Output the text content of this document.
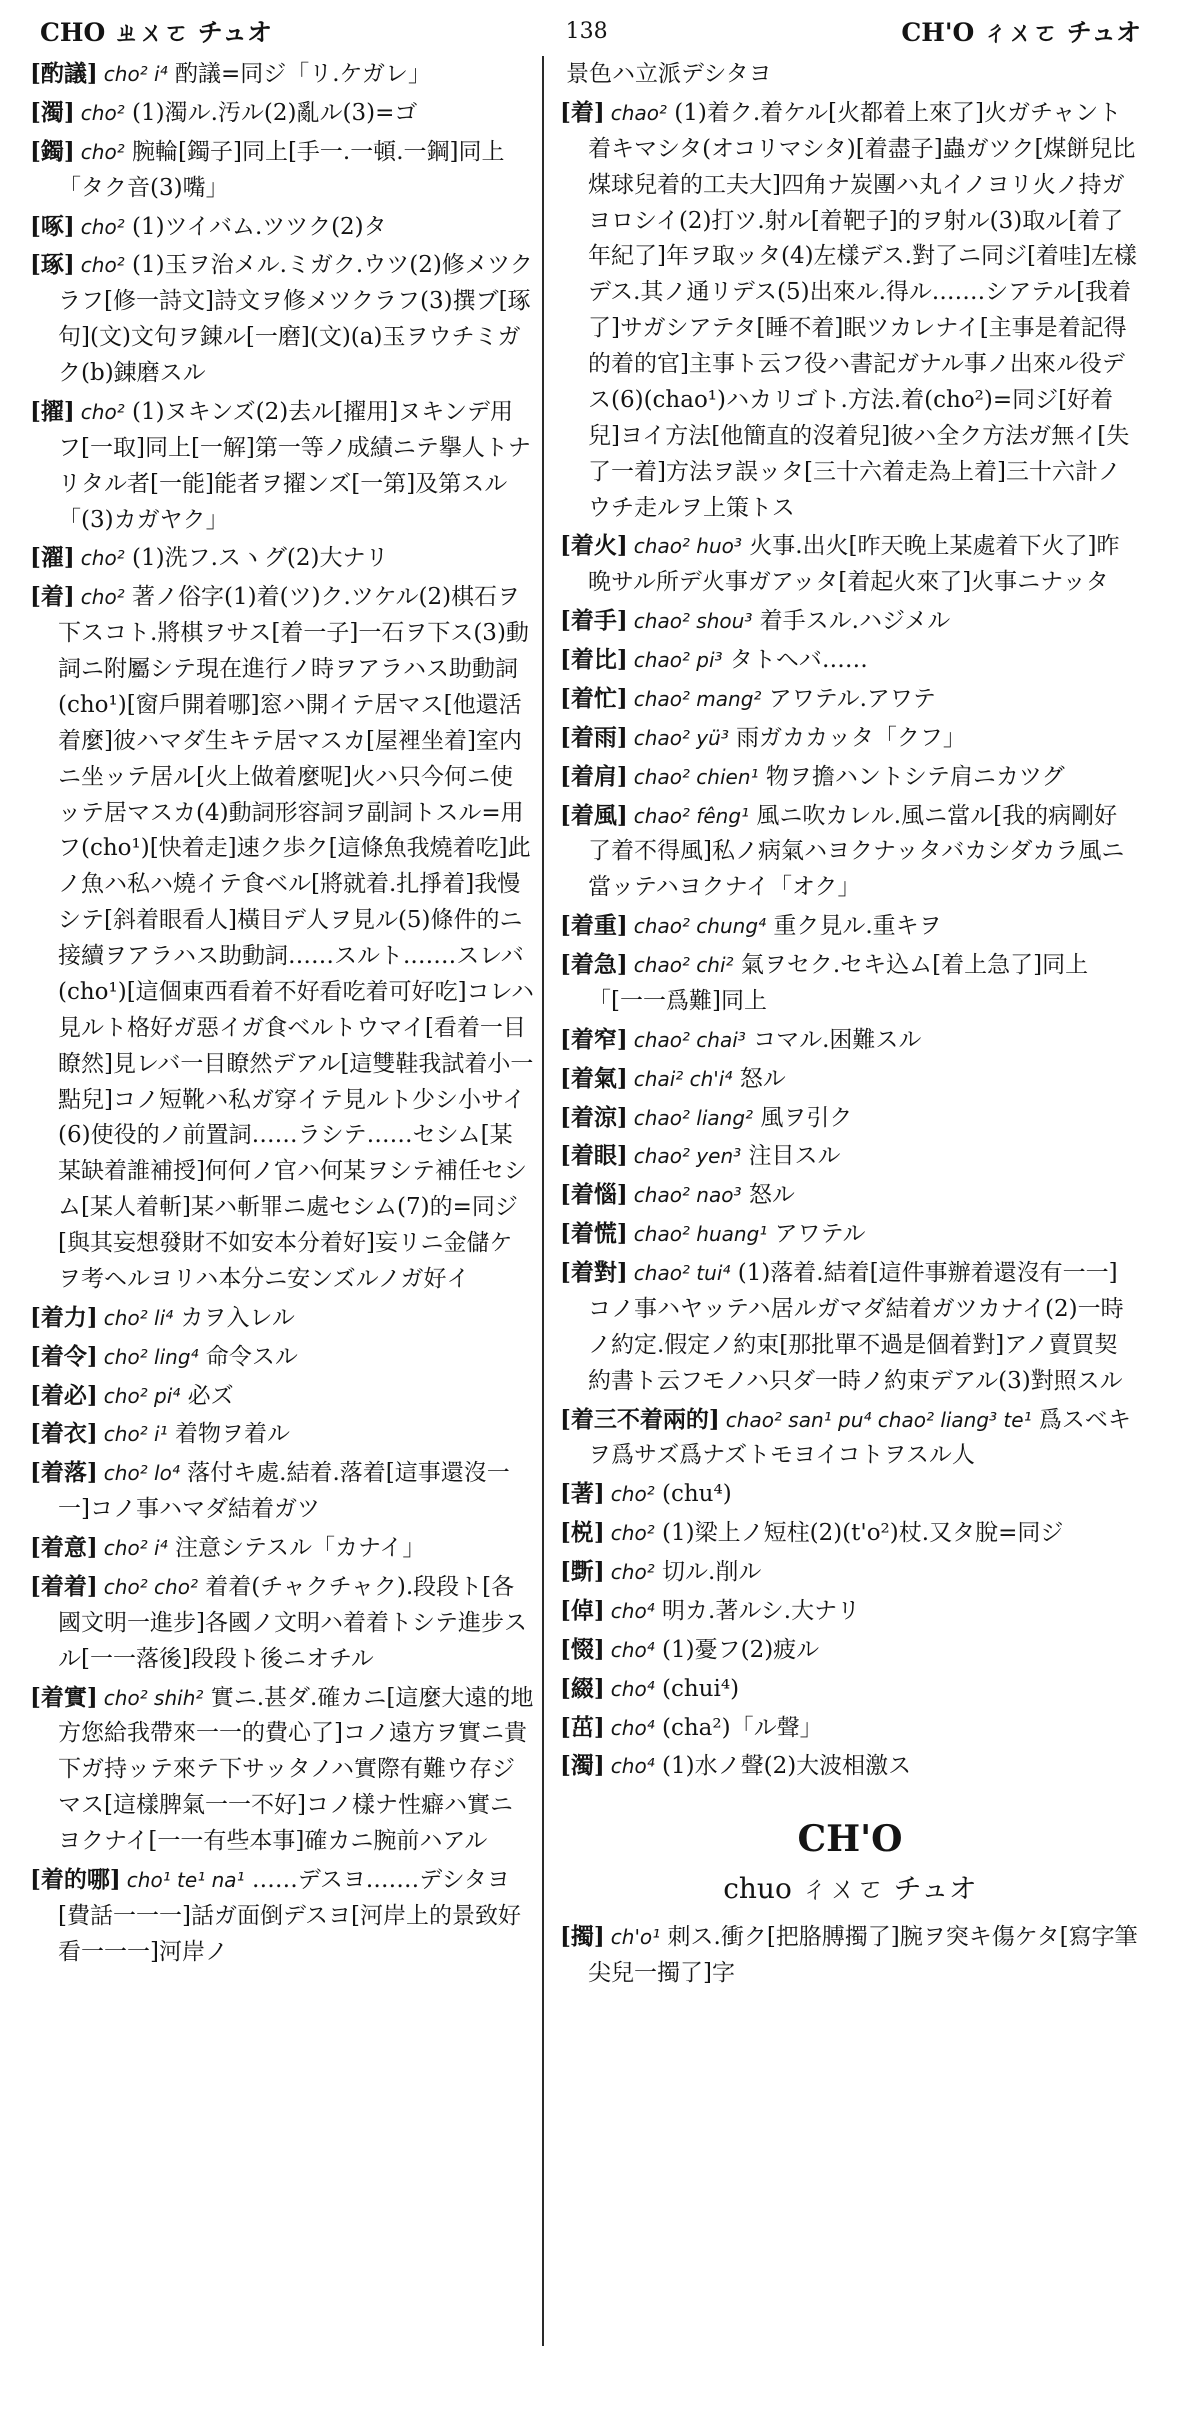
CHO ㄓㄨㄛ チュオ	138	CH'O ㄔㄨㄛ チュオ

[酌議] cho² i⁴ 酌議=同ジ「リ.ケガレ」

[濁] cho² (1)濁ル.汚ル(2)亂ル(3)=ゴ

[鐲] cho² 腕輪[鐲子]同上[手一.一頓.一鋼]同上「タク音(3)嘴」

[啄] cho² (1)ツイバム.ツツク(2)タ

[琢] cho² (1)玉ヲ治メル.ミガク.ウツ(2)修メツクラフ[修一詩文]詩文ヲ修メツクラフ(3)撰ブ[琢句](文)文句ヲ錬ル[一磨](文)(a)玉ヲウチミガク(b)錬磨スル

[擢] cho² (1)ヌキンズ(2)去ル[擢用]ヌキンデ用フ[一取]同上[一解]第一等ノ成績ニテ擧人トナリタル者[一能]能者ヲ擢ンズ[一第]及第スル「(3)カガヤク」

[濯] cho² (1)洗フ.スヽグ(2)大ナリ

[着] cho² 著ノ俗字(1)着(ツ)ク.ツケル(2)棋石ヲ下スコト.將棋ヲサス[着一子]一石ヲ下ス(3)動詞ニ附屬シテ現在進行ノ時ヲアラハス助動詞(cho¹)[窗戶開着哪]窓ハ開イテ居マス[他還活着麼]彼ハマダ生キテ居マスカ[屋裡坐着]室内ニ坐ッテ居ル[火上做着麼呢]火ハ只今何ニ使ッテ居マスカ(4)動詞形容詞ヲ副詞トスル=用フ(cho¹)[快着走]速ク歩ク[這條魚我燒着吃]此ノ魚ハ私ハ燒イテ食ベル[將就着.扎掙着]我慢シテ[斜着眼看人]橫目デ人ヲ見ル(5)條件的ニ接續ヲアラハス助動詞……スルト.……スレバ(cho¹)[這個東西看着不好看吃着可好吃]コレハ見ルト格好ガ惡イガ食ベルトウマイ[看着一目瞭然]見レバ一目瞭然デアル[這雙鞋我試着小一點兒]コノ短靴ハ私ガ穿イテ見ルト少シ小サイ(6)使役的ノ前置詞……ラシテ……セシム[某某缺着誰補授]何何ノ官ハ何某ヲシテ補任セシム[某人着斬]某ハ斬罪ニ處セシム(7)的=同ジ[與其妄想發財不如安本分着好]妄リニ金儲ケヲ考ヘルヨリハ本分ニ安ンズルノガ好イ

[着力] cho² li⁴ カヲ入レル

[着令] cho² ling⁴ 命令スル

[着必] cho² pi⁴ 必ズ

[着衣] cho² i¹ 着物ヲ着ル

[着落] cho² lo⁴ 落付キ處.結着.落着[這事還沒一一]コノ事ハマダ結着ガツ

[着意] cho² i⁴ 注意シテスル「カナイ」

[着着] cho² cho² 着着(チャクチャク).段段ト[各國文明一進步]各國ノ文明ハ着着トシテ進步スル[一一落後]段段ト後ニオチル

[着實] cho² shih² 實ニ.甚ダ.確カニ[這麼大遠的地方您給我帶來一一的費心了]コノ遠方ヲ實ニ貴下ガ持ッテ來テ下サッタノハ實際有難ウ存ジマス[這樣脾氣一一不好]コノ樣ナ性癖ハ實ニヨクナイ[一一有些本事]確カニ腕前ハアル

[着的哪] cho¹ te¹ na¹ ……デスヨ.……デシタヨ[費話一一一]話ガ面倒デスヨ[河岸上的景致好看一一一]河岸ノ

景色ハ立派デシタヨ

[着] chao² (1)着ク.着ケル[火都着上來了]火ガチャント着キマシタ(オコリマシタ)[着盡子]蟲ガツク[煤餅兒比煤球兒着的工夫大]四角ナ炭團ハ丸イノヨリ火ノ持ガヨロシイ(2)打ツ.射ル[着靶子]的ヲ射ル(3)取ル[着了年紀了]年ヲ取ッタ(4)左樣デス.對了ニ同ジ[着哇]左樣デス.其ノ通リデス(5)出來ル.得ル.……シアテル[我着了]サガシアテタ[睡不着]眠ツカレナイ[主事是着記得的着的官]主事ト云フ役ハ書記ガナル事ノ出來ル役デス(6)(chao¹)ハカリゴト.方法.着(cho²)=同ジ[好着兒]ヨイ方法[他簡直的沒着兒]彼ハ全ク方法ガ無イ[失了一着]方法ヲ誤ッタ[三十六着走為上着]三十六計ノウチ走ルヲ上策トス

[着火] chao² huo³ 火事.出火[昨天晚上某處着下火了]昨晩サル所デ火事ガアッタ[着起火來了]火事ニナッタ

[着手] chao² shou³ 着手スル.ハジメル

[着比] chao² pi³ タトヘバ……

[着忙] chao² mang² アワテル.アワテ

[着雨] chao² yü³ 雨ガカカッタ「クフ」

[着肩] chao² chien¹ 物ヲ擔ハントシテ肩ニカツグ

[着風] chao² fêng¹ 風ニ吹カレル.風ニ當ル[我的病剛好了着不得風]私ノ病氣ハヨクナッタバカシダカラ風ニ當ッテハヨクナイ「オク」

[着重] chao² chung⁴ 重ク見ル.重キヲ

[着急] chao² chi² 氣ヲセク.セキ込ム[着上急了]同上「[一一爲難]同上

[着窄] chao² chai³ コマル.困難スル

[着氣] chai² ch'i⁴ 怒ル

[着涼] chao² liang² 風ヲ引ク

[着眼] chao² yen³ 注目スル

[着惱] chao² nao³ 怒ル

[着慌] chao² huang¹ アワテル

[着對] chao² tui⁴ (1)落着.結着[這件事辦着還沒有一一]コノ事ハヤッテハ居ルガマダ結着ガツカナイ(2)一時ノ約定.假定ノ約束[那批單不過是個着對]アノ賣買契約書ト云フモノハ只ダ一時ノ約束デアル(3)對照スル

[着三不着兩的] chao² san¹ pu⁴ chao² liang³ te¹ 爲スベキヲ爲サズ爲ナズトモヨイコトヲスル人

[著] cho² (chu⁴)

[棁] cho² (1)梁上ノ短柱(2)(t'o²)杖.又タ脫=同ジ

[斲] cho² 切ル.削ル

[倬] cho⁴ 明カ.著ルシ.大ナリ

[惙] cho⁴ (1)憂フ(2)疲ル

[綴] cho⁴ (chui⁴)

[茁] cho⁴ (cha²)「ル聲」

[濁] cho⁴ (1)水ノ聲(2)大波相激ス

CH'O
chuo ㄔㄨㄛ チュオ

[擉] ch'o¹ 刺ス.衝ク[把胳膊擉了]腕ヲ突キ傷ケタ[寫字筆尖兒一擉了]字
